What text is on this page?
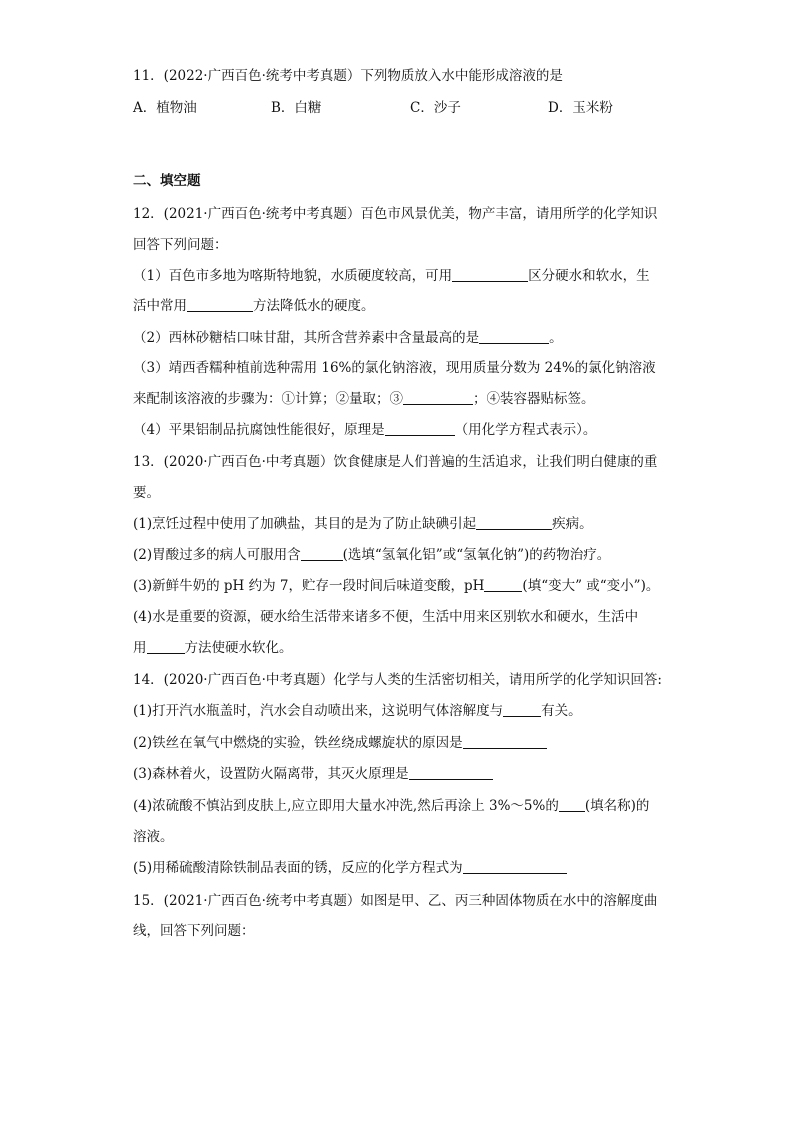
11．(2022·广西百色·统考中考真题）下列物质放入水中能形成溶液的是
A．植物油	B．白糖	C．沙子	D．玉米粉
二、填空题
12．(2021·广西百色·统考中考真题）百色市风景优美，物产丰富，请用所学的化学知识
回答下列问题：
（1）百色市多地为喀斯特地貌，水质硬度较高，可用	区分硬水和软水，生
活中常用	方法降低水的硬度。
（2）西林砂糖桔口味甘甜，其所含营养素中含量最高的是	。
（3）靖西香糯种植前选种需用 16%的氯化钠溶液，现用质量分数为 24%的氯化钠溶液
来配制该溶液的步骤为：①计算；②量取；③	；④装容器贴标签。
（4）平果铝制品抗腐蚀性能很好，原理是	（用化学方程式表示）。
13．(2020·广西百色·中考真题）饮食健康是人们普遍的生活追求，让我们明白健康的重
要。
(1)烹饪过程中使用了加碘盐，其目的是为了防止缺碘引起	疾病。
(2)胃酸过多的病人可服用含	(选填“氢氧化铝”或“氢氧化钠”)的药物治疗。
(3)新鲜牛奶的 pH 约为 7，贮存一段时间后味道变酸，pH	(填“变大” 或“变小”)。
(4)水是重要的资源，硬水给生活带来诸多不便，生活中用来区别软水和硬水，生活中
用	方法使硬水软化。
14．(2020·广西百色·中考真题）化学与人类的生活密切相关，请用所学的化学知识回答:
(1)打开汽水瓶盖时，汽水会自动喷出来，这说明气体溶解度与	有关。
(2)铁丝在氧气中燃烧的实验，铁丝绕成螺旋状的原因是
(3)森林着火，设置防火隔离带，其灭火原理是
(4)浓硫酸不慎沾到皮肤上,应立即用大量水冲洗,然后再涂上 3%～5%的 (填名称)的
溶液。
(5)用稀硫酸清除铁制品表面的锈，反应的化学方程式为
15．(2021·广西百色·统考中考真题）如图是甲、乙、丙三种固体物质在水中的溶解度曲
线，回答下列问题：
